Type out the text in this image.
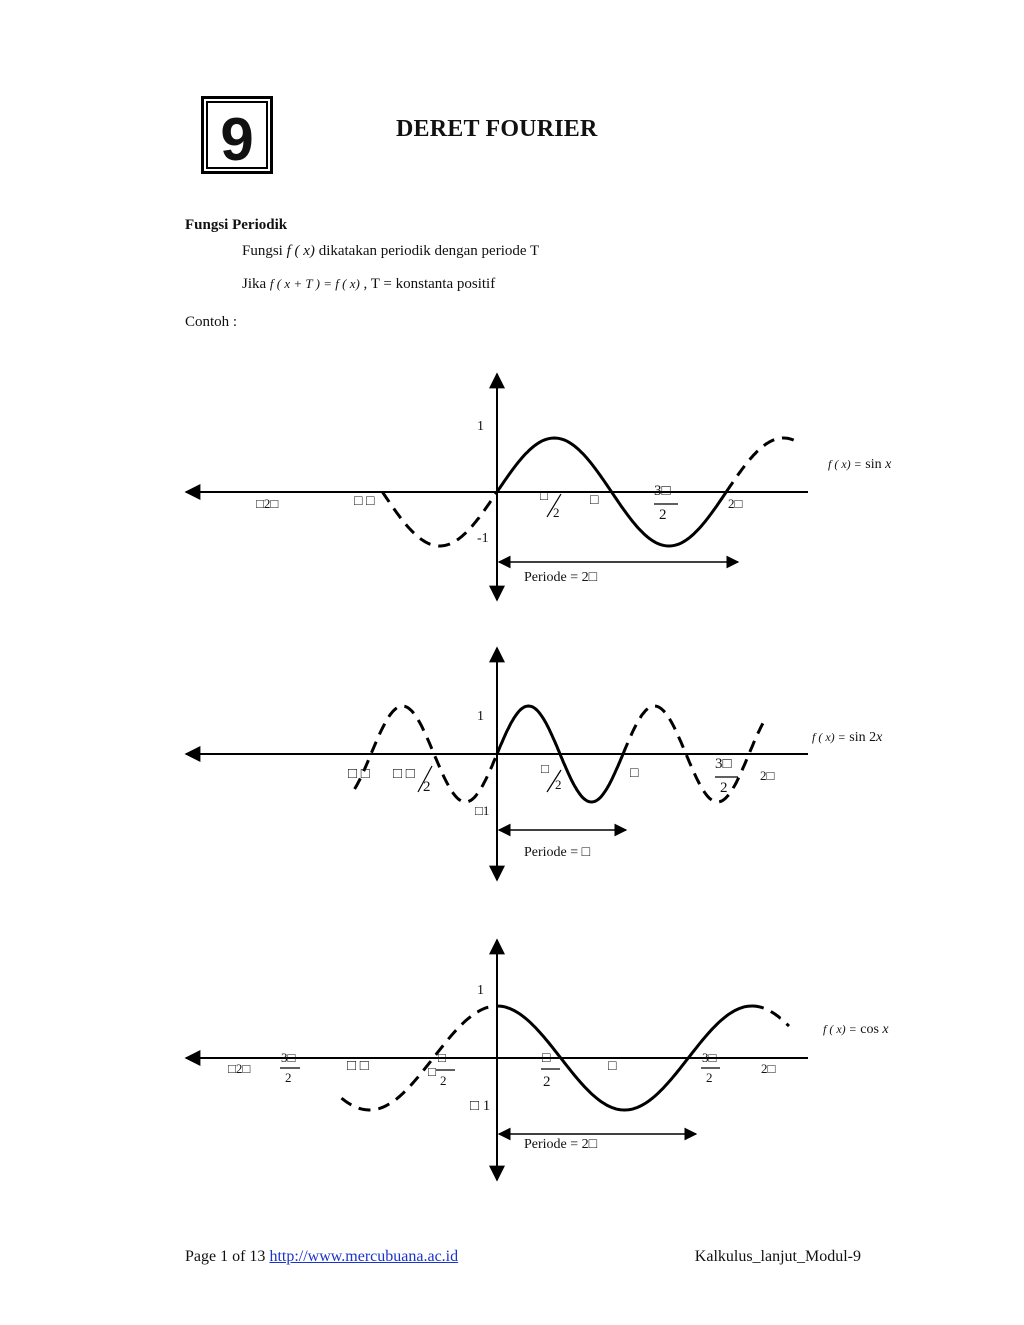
9	DERET FOURIER
Fungsi Periodik
Fungsi f ( x) dikatakan periodik dengan periode T
Jika f ( x + T ) = f ( x) , T = konstanta positif
Contoh :
1
-1
□2□	□ □	□
2
□
3□
2
2□
Periode = 2□
f ( x) = sin x
1
□1
□ □ □ □
2
□
2
□
3□
2
2□
Periode = □
f ( x) = sin 2x
1
□ 1
□2□
3□
2
□ □
□
□
2
□
2
□
3□
2
2□
Periode = 2□
f ( x) = cos x
Page 1 of 13 http://www.mercubuana.ac.id	Kalkulus_lanjut_Modul-9
